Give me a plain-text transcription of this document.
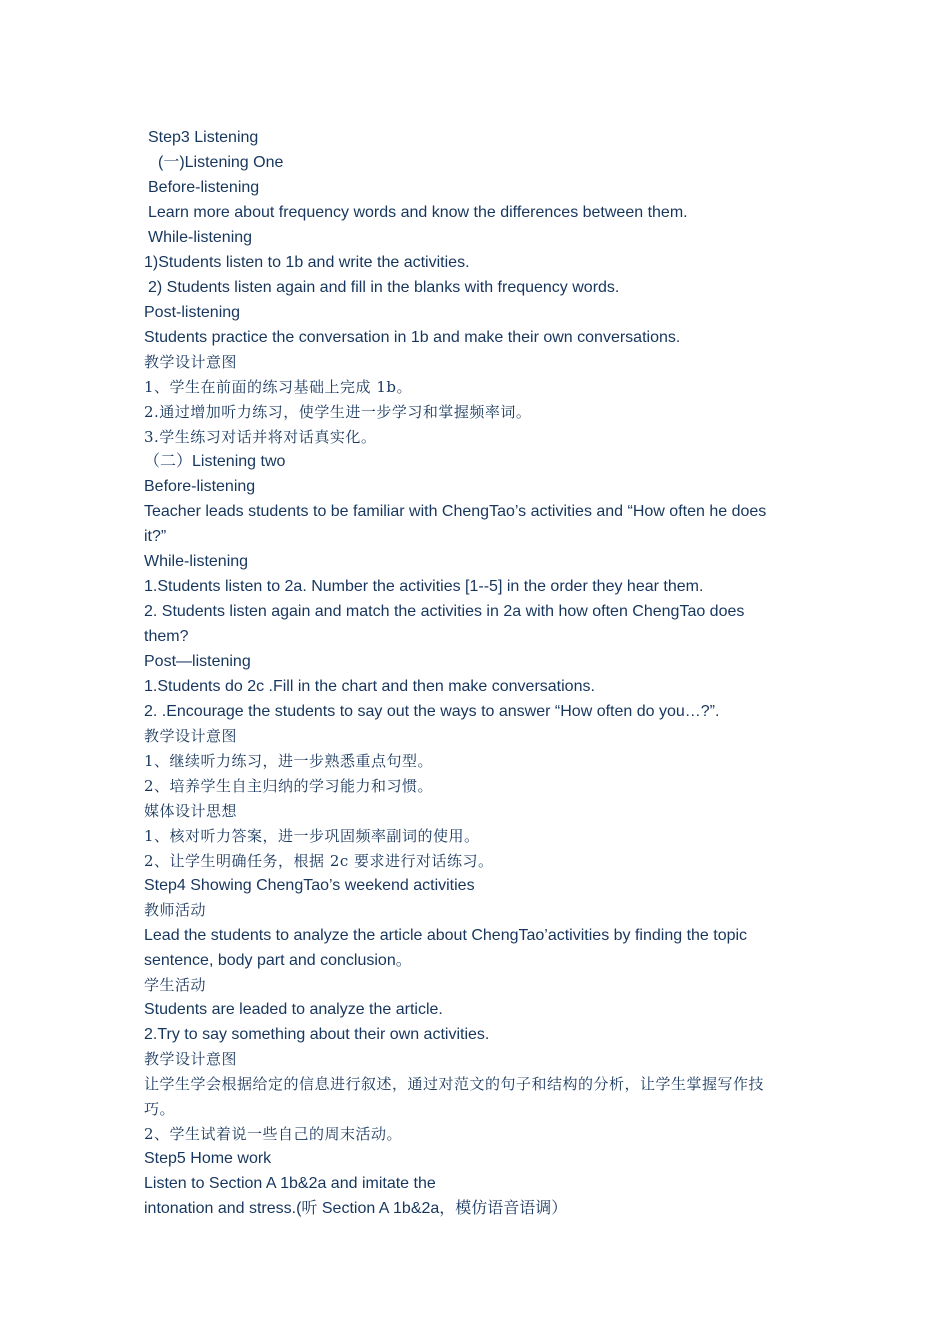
Step3 Listening
(一)Listening One
Before-listening
Learn more about frequency words and know the differences between them.
While-listening
1)Students listen to 1b and write the activities.
2) Students listen again and fill in the blanks with frequency words.
Post-listening
Students practice the conversation in 1b and make their own conversations.
教学设计意图
1、学生在前面的练习基础上完成 1b。
2.通过增加听力练习，使学生进一步学习和掌握频率词。
3.学生练习对话并将对话真实化。
（二）Listening two
Before-listening
Teacher leads students to be familiar with ChengTao’s activities and “How often he does
it?”
While-listening
1.Students listen to 2a. Number the activities [1--5] in the order they hear them.
2. Students listen again and match the activities in 2a with how often ChengTao does
them?
Post—listening
1.Students do 2c .Fill in the chart and then make conversations.
2. .Encourage the students to say out the ways to answer “How often do you…?”.
教学设计意图
1、继续听力练习，进一步熟悉重点句型。
2、培养学生自主归纳的学习能力和习惯。
媒体设计思想
1、核对听力答案，进一步巩固频率副词的使用。
2、让学生明确任务，根据 2c 要求进行对话练习。
Step4 Showing ChengTao’s weekend activities
教师活动
Lead the students to analyze the article about ChengTao’activities by finding the topic
sentence, body part and conclusion。
学生活动
Students are leaded to analyze the article.
2.Try to say something about their own activities.
教学设计意图
让学生学会根据给定的信息进行叙述，通过对范文的句子和结构的分析，让学生掌握写作技
巧。
2、学生试着说一些自己的周末活动。
Step5 Home work
Listen to Section A 1b&2a and imitate the
intonation and stress.(听 Section A 1b&2a，模仿语音语调）
